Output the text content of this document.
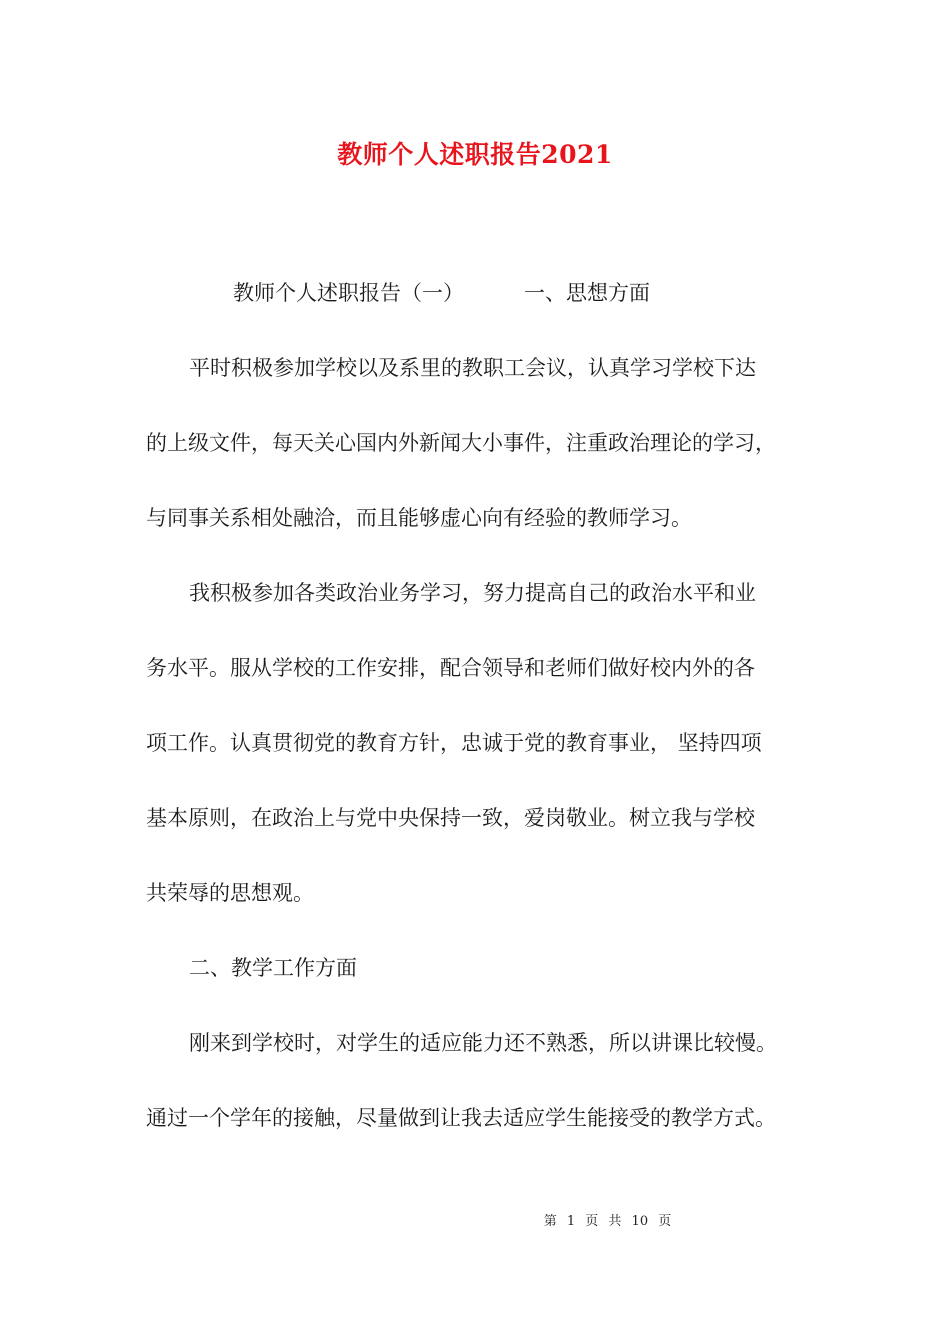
教师个人述职报告2021
教师个人述职报告（一）	一、思想方面
平时积极参加学校以及系里的教职工会议，认真学习学校下达
的上级文件，每天关心国内外新闻大小事件，注重政治理论的学习，
与同事关系相处融洽，而且能够虚心向有经验的教师学习。
我积极参加各类政治业务学习，努力提高自己的政治水平和业
务水平。服从学校的工作安排，配合领导和老师们做好校内外的各
项工作。认真贯彻党的教育方针，忠诚于党的教育事业， 坚持四项
基本原则，在政治上与党中央保持一致，爱岗敬业。树立我与学校
共荣辱的思想观。
二、教学工作方面
刚来到学校时，对学生的适应能力还不熟悉，所以讲课比较慢。
通过一个学年的接触，尽量做到让我去适应学生能接受的教学方式。
第 1 页 共 10 页
